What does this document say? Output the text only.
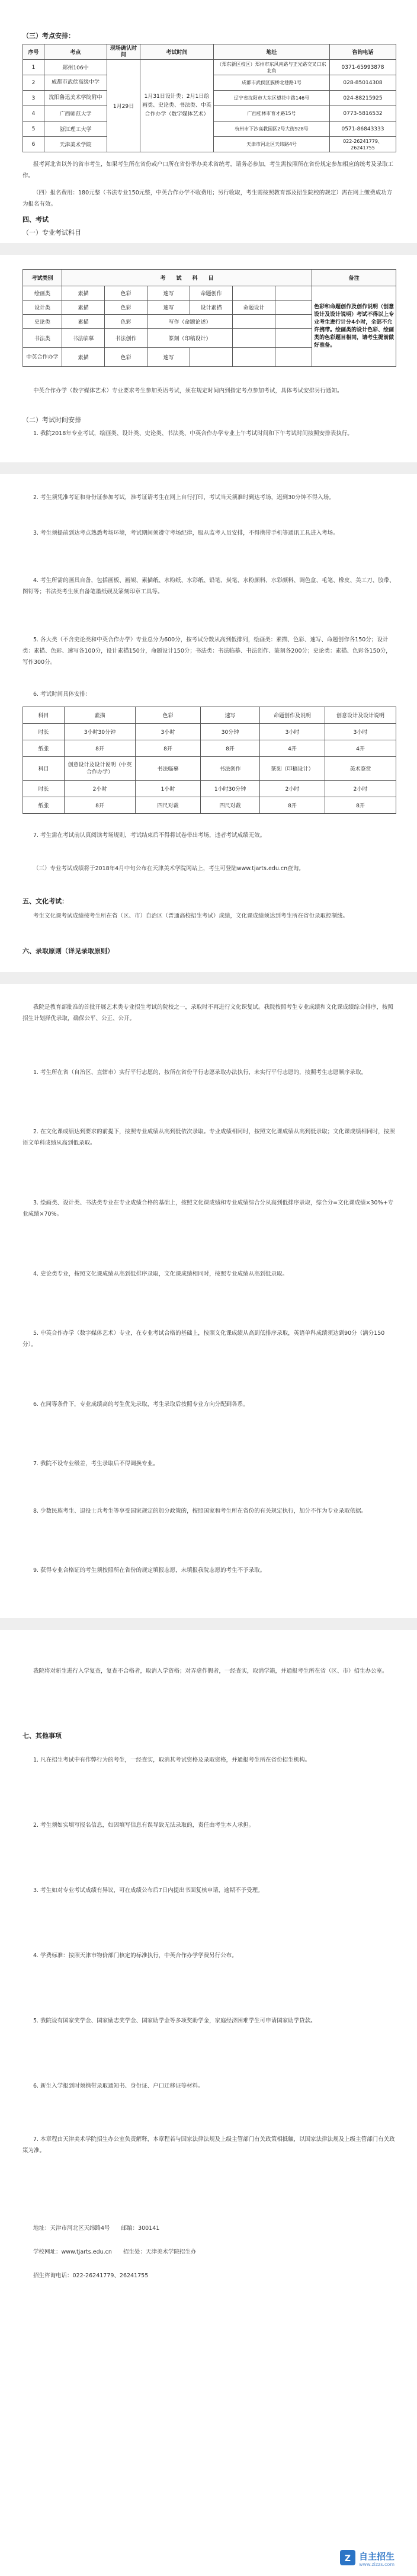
（三）考点安排：
序号	考点	现场确认时间	考试时间	地址	咨询电话
1	郑州106中	1月29日	1月31日设计类；2月1日绘画类、史论类、书法类、中英合作办学（数字媒体艺术）	（郑东新区校区）郑州市东风南路与正光路交叉口东北角	0371-65993878
2	成都市武侯高级中学			成都市武侯区簇桥北巷路1号	028-85014308
3	沈阳鲁迅美术学院附中			辽宁省沈阳市大东区望花中路146号	024-88215925
4	广西师范大学			广西桂林市育才路15号	0773-5816532
5	浙江理工大学			杭州市下沙高教园区2号大街928号	0571-86843333
6	天津美术学院			天津市河北区天纬路4号	022-26241779、26241755
报考河北省以外的省市考生，如果考生所在省份或户口所在省份举办美术省统考，请务必参加，考生需按照所在省份规定参加相应的统考及录取工作。
（四）报名费用：180元整（书法专业150元整，中英合作办学不收费用；另行收取，考生需按照教育部及招生院校的规定）需在网上缴费成功方为报名有效。
四、考试
（一）专业考试科目
考试类别	考　　试　　科　　目						备注
绘画类	素描	色彩	速写	命题创作			色彩和命题创作及创作说明（创意设计及设计说明）考试不得以上专业考生进行计分4小时，全部不允许携带。绘画类的设计色彩、绘画类的色彩题目相同，请考生提前做好准备。
设计类	素描	色彩	速写	设计素描	命题设计		
史论类	素描	色彩	写作（命题论述）				
书法类	书法临摹	书法创作	篆刻（印稿设计）				
中英合作办学	素描	色彩	速写				
中英合作办学（数字媒体艺术）专业要求考生参加英语考试，须在规定时间内到指定考点参加考试，具体考试安排另行通知。
（二）考试时间安排
1. 我院2018年专业考试，绘画类、设计类、史论类、书法类、中英合作办学专业上午考试时间和下午考试时间按照安排表执行。
2. 考生须凭准考证和身份证参加考试，准考证请考生在网上自行打印，考试当天须准时到达考场，迟到30分钟不得入场。
3. 考生须提前到达考点熟悉考场环境，考试期间须遵守考场纪律，服从监考人员安排，不得携带手机等通讯工具进入考场。
4. 考生所需的画具自备，包括画板、画架、素描纸、水粉纸、水彩纸、铅笔、炭笔、水粉颜料、水彩颜料、调色盒、毛笔、橡皮、美工刀、胶带、图钉等；书法类考生须自备笔墨纸砚及篆刻印章工具等。
5. 各大类（不含史论类和中英合作办学）专业总分为600分，按考试分数从高到低排列，绘画类：素描、色彩、速写、命题创作各150分；设计类：素描、色彩、速写各100分，设计素描150分，命题设计150分；书法类：书法临摹、书法创作、篆刻各200分；史论类：素描、色彩各150分，写作300分。
6. 考试时间具体安排：
科目	素描	色彩	速写	命题创作及说明	创意设计及设计说明
时长	3小时30分钟	3小时	30分钟	3小时	3小时
纸张	8开	8开	8开	4开	4开
科目	创意设计及设计说明（中英合作办学）	书法临摹	书法创作	篆刻（印稿设计）	美术鉴赏
时长	2小时	1小时	1小时30分钟	2小时	2小时
纸张	8开	四尺对裁	四尺对裁	8开	8开
7. 考生需在考试前认真阅读考场规则，考试结束后不得将试卷带出考场，违者考试成绩无效。
（三）专业考试成绩将于2018年4月中旬公布在天津美术学院网站上，考生可登陆www.tjarts.edu.cn查询。
五、文化考试：
考生文化课考试成绩按考生所在省（区、市）自治区（普通高校招生考试）成绩，文化课成绩须达到考生所在省份录取控制线。
六、录取原则（详见录取原则）
我院是教育部批准的首批开展艺术类专业招生考试的院校之一，录取时不再进行文化课复试。我院按照考生专业成绩和文化课成绩综合排序，按照招生计划择优录取，确保公平、公正、公开。
1. 考生所在省（自治区、直辖市）实行平行志愿的，按所在省份平行志愿录取办法执行，未实行平行志愿的，按照考生志愿顺序录取。
2. 在文化课成绩达到要求的前提下，按照专业成绩从高到低依次录取。专业成绩相同时，按照文化课成绩从高到低录取；文化课成绩相同时，按照语文单科成绩从高到低录取。
3. 绘画类、设计类、书法类专业在专业成绩合格的基础上，按照文化课成绩和专业成绩综合分从高到低排序录取，综合分=文化课成绩×30%+专业成绩×70%。
4. 史论类专业，按照文化课成绩从高到低排序录取，文化课成绩相同时，按照专业成绩从高到低录取。
5. 中英合作办学（数字媒体艺术）专业，在专业考试合格的基础上，按照文化课成绩从高到低排序录取，英语单科成绩须达到90分（满分150分）。
6. 在同等条件下，专业成绩高的考生优先录取，考生录取后按照专业方向分配到各系。
7. 我院不设专业级差，考生录取后不得调换专业。
8. 少数民族考生、退役士兵考生等享受国家规定的加分政策的，按照国家和考生所在省份的有关规定执行，加分不作为专业录取依据。
9. 获得专业合格证的考生须按照所在省份的规定填报志愿，未填报我院志愿的考生不予录取。
我院将对新生进行入学复查，复查不合格者，取消入学资格；对弄虚作假者，一经查实，取消学籍，并通报考生所在省（区、市）招生办公室。
七、其他事项
1. 凡在招生考试中有作弊行为的考生，一经查实，取消其考试资格及录取资格，并通报考生所在省份招生机构。
2. 考生须如实填写报名信息，如因填写信息有误导致无法录取的，责任由考生本人承担。
3. 考生如对专业考试成绩有异议，可在成绩公布后7日内提出书面复核申请，逾期不予受理。
4. 学费标准：按照天津市物价部门核定的标准执行，中英合作办学学费另行公布。
5. 我院设有国家奖学金、国家励志奖学金、国家助学金等多项奖助学金，家庭经济困难学生可申请国家助学贷款。
6. 新生入学报到时须携带录取通知书、身份证、户口迁移证等材料。
7. 本章程由天津美术学院招生办公室负责解释，本章程若与国家法律法规及上级主管部门有关政策相抵触，以国家法律法规及上级主管部门有关政策为准。
地址：天津市河北区天纬路4号　　邮编：300141
学校网址：www.tjarts.edu.cn　　招生处：天津美术学院招生办
招生咨询电话：022-26241779、26241755
Z 自主招生
www.zizzs.com
